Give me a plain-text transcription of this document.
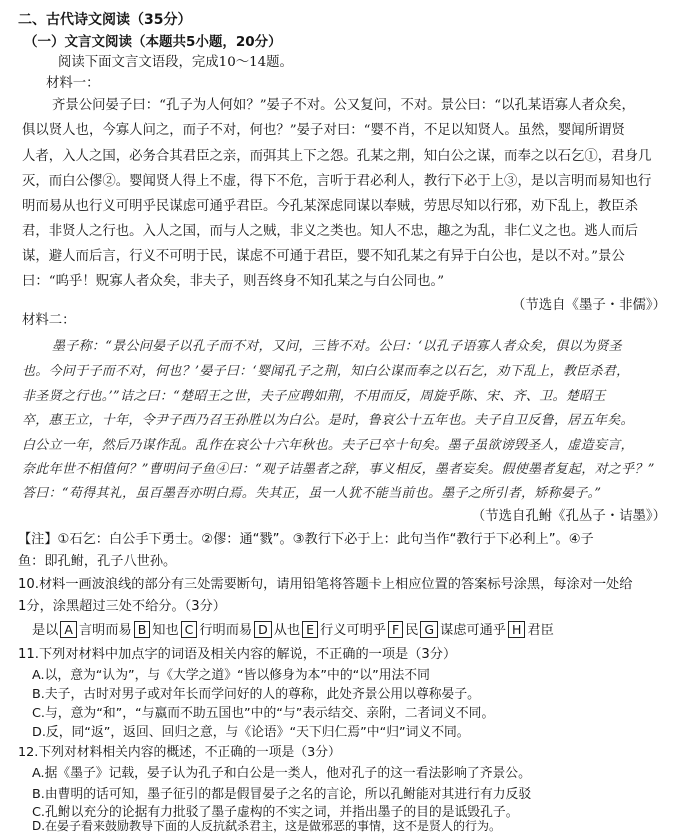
二、古代诗文阅读（35分）
（一）文言文阅读（本题共5小题，20分）
阅读下面文言文语段，完成10～14题。
材料一：
齐景公问晏子曰：“孔子为人何如？”晏子不对。公又复问，不对。景公曰：“以孔某语寡人者众矣，
俱以贤人也，今寡人问之，而子不对，何也？”晏子对曰：“婴不肖，不足以知贤人。虽然，婴闻所谓贤
人者，入人之国，必务合其君臣之亲，而弭其上下之怨。孔某之荆，知白公之谋，而奉之以石乞①，君身几
灭，而白公僇②。婴闻贤人得上不虚，得下不危，言听于君必利人，教行下必于上③，是以言明而易知也行
明而易从也行义可明乎民谋虑可通乎君臣。今孔某深虑同谋以奉贼，劳思尽知以行邪，劝下乱上，教臣杀
君，非贤人之行也。入人之国，而与人之贼，非义之类也。知人不忠，趣之为乱，非仁义之也。逃人而后
谋，避人而后言，行义不可明于民，谋虑不可通于君臣，婴不知孔某之有异于白公也，是以不对。”景公
曰：“呜乎！贶寡人者众矣，非夫子，则吾终身不知孔某之与白公同也。”
（节选自《墨子・非儒》）
材料二：
墨子称：“景公问晏子以孔子而不对，又问，三皆不对。公曰：‘以孔子语寡人者众矣，俱以为贤圣
也。今问于子而不对，何也？’晏子曰：‘婴闻孔子之荆，知白公谋而奉之以石乞，劝下乱上，教臣杀君，
非圣贤之行也。’”诘之曰：“楚昭王之世，夫子应聘如荆，不用而反，周旋乎陈、宋、齐、卫。楚昭王
卒，惠王立，十年，令尹子西乃召王孙胜以为白公。是时，鲁哀公十五年也。夫子自卫反鲁，居五年矣。
白公立一年，然后乃谋作乱。乱作在哀公十六年秋也。夫子已卒十旬矣。墨子虽欲谤毁圣人，虚造妄言，
奈此年世不相值何？”曹明问子鱼④曰：“观子诘墨者之辞，事义相反，墨者妄矣。假使墨者复起，对之乎？”
答曰：“苟得其礼，虽百墨吾亦明白焉。失其正，虽一人犹不能当前也。墨子之所引者，矫称晏子。”
（节选自孔鲋《孔丛子・诘墨》）
【注】①石乞：白公手下勇士。②僇：通“戮”。③教行下必于上：此句当作“教行于下必利上”。④子
鱼：即孔鲋，孔子八世孙。
10.材料一画波浪线的部分有三处需要断句，请用铅笔将答题卡上相应位置的答案标号涂黑，每涂对一处给
1分，涂黑超过三处不给分。（3分）
是以 A 言明而易 B 知也 C 行明而易 D 从也 E 行义可明乎 F 民 G 谋虑可通乎 H 君臣
11.下列对材料中加点字的词语及相关内容的解说，不正确的一项是（3分）
A.以，意为“认为”，与《大学之道》“皆以修身为本”中的“以”用法不同
B.夫子，古时对男子或对年长而学问好的人的尊称，此处齐景公用以尊称晏子。
C.与，意为“和”，“与嬴而不助五国也”中的“与”表示结交、亲附，二者词义不同。
D.反，同“返”，返回、回归之意，与《论语》“天下归仁焉”中“归”词义不同。
12.下列对材料相关内容的概述，不正确的一项是（3分）
A.据《墨子》记载，晏子认为孔子和白公是一类人，他对孔子的这一看法影响了齐景公。
B.由曹明的话可知，墨子征引的都是假冒晏子之名的言论，所以孔鲋能对其进行有力反驳
C.孔鲋以充分的论据有力批驳了墨子虚构的不实之词，并指出墨子的目的是诋毁孔子。
D.在晏子看来鼓励教导下面的人反抗弑杀君主，这是做邪恶的事情，这不是贤人的行为。
